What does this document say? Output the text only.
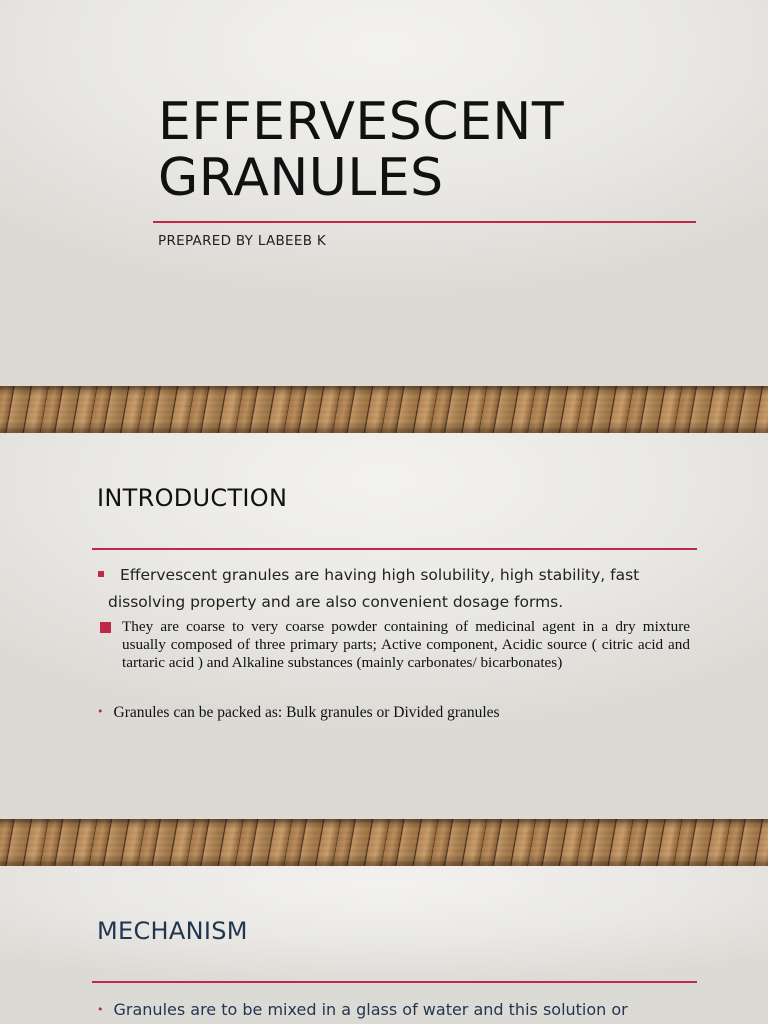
EFFERVESCENT
GRANULES
PREPARED BY LABEEB K
INTRODUCTION
Effervescent granules are having high solubility, high stability, fast
dissolving property and are also convenient dosage forms.
They are coarse to very coarse powder containing of medicinal agent in a dry mixture usually composed of three primary parts; Active component, Acidic source ( citric acid and tartaric acid ) and Alkaline substances (mainly carbonates/ bicarbonates)
• Granules can be packed as: Bulk granules or Divided granules
MECHANISM
• Granules are to be mixed in a glass of water and this solution or
